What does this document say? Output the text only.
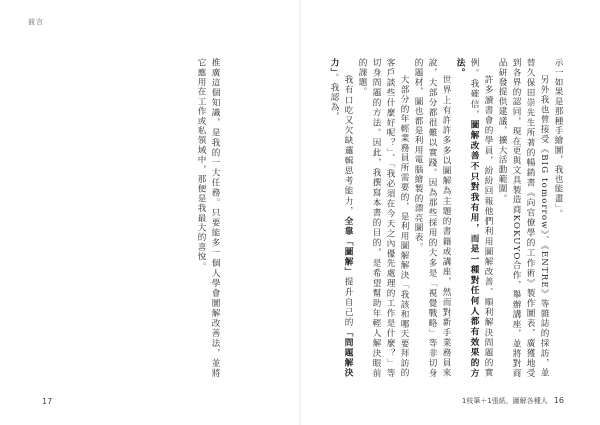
前言

推廣這個知識，是我的一大任務。只要能多一個人學會圖解改善法，並將它應用在工作或私領域中，那便是我最大的喜悅。

17

示一如果是那種手繪圖，我也能畫」。

另外我也曾接受《BIG tomorrow》、《ENTRE》等雜誌的採訪，並替久保田崇先生所著的暢銷書《向官僚學的工作術》製作圖表，廣獲地受到各界的認同，現在更與文具製造商KOKUYO合作，舉辦講座，並將對商品研發提供建議，擴大活動範圍。

許多讀書會的學員，紛紛回報他們利用圖解改善、順利解決問題的實例。我確信，圖解改善不只對我有用，而是一種對任何人都有效果的方法。

世界上有許許多多以圖解為主題的書籍或講座，然而對新手業務員來說，大部分都很難以實踐。因為那些採用的大多是「視覺戰略」等非切身的題材，圖也都是利用電腦繪製的漂亮圖表。

大部分的年輕業務員所需要的，是利用圖解解決「我該和哪天要拜訪的客戶談些什麼好呢？」、「我必須在今天之內優先處理的工作是什麼？」等切身問題的方法。因此，我撰寫本書的目的，是希望幫助年輕人解決眼前的課題。

我有口吃又欠缺邏輯思考能力，全靠「圖解」提升自己的「問題解決力」。我認為，

1枝筆＋1張紙，圖解各種人 16
